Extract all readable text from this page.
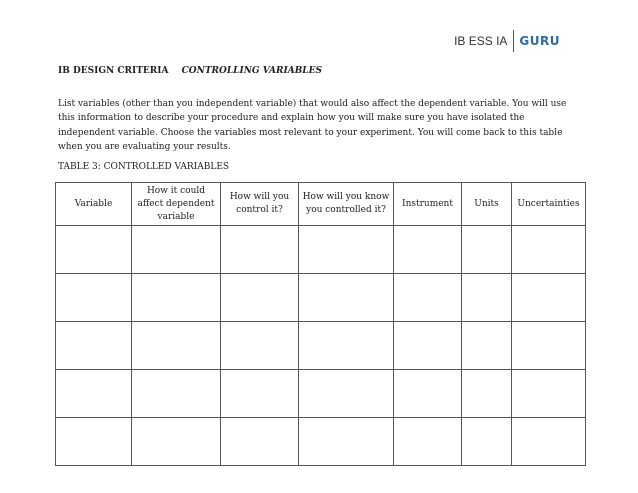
IB ESS IA	GURU
IB DESIGN CRITERIA CONTROLLING VARIABLES
List variables (other than you independent variable) that would also affect the dependent variable. You will use this information to describe your procedure and explain how you will make sure you have isolated the independent variable. Choose the variables most relevant to your experiment. You will come back to this table when you are evaluating your results.
TABLE 3: CONTROLLED VARIABLES
Variable	How it could affect dependent variable	How will you control it?	How will you know you controlled it?	Instrument	Units	Uncertainties
